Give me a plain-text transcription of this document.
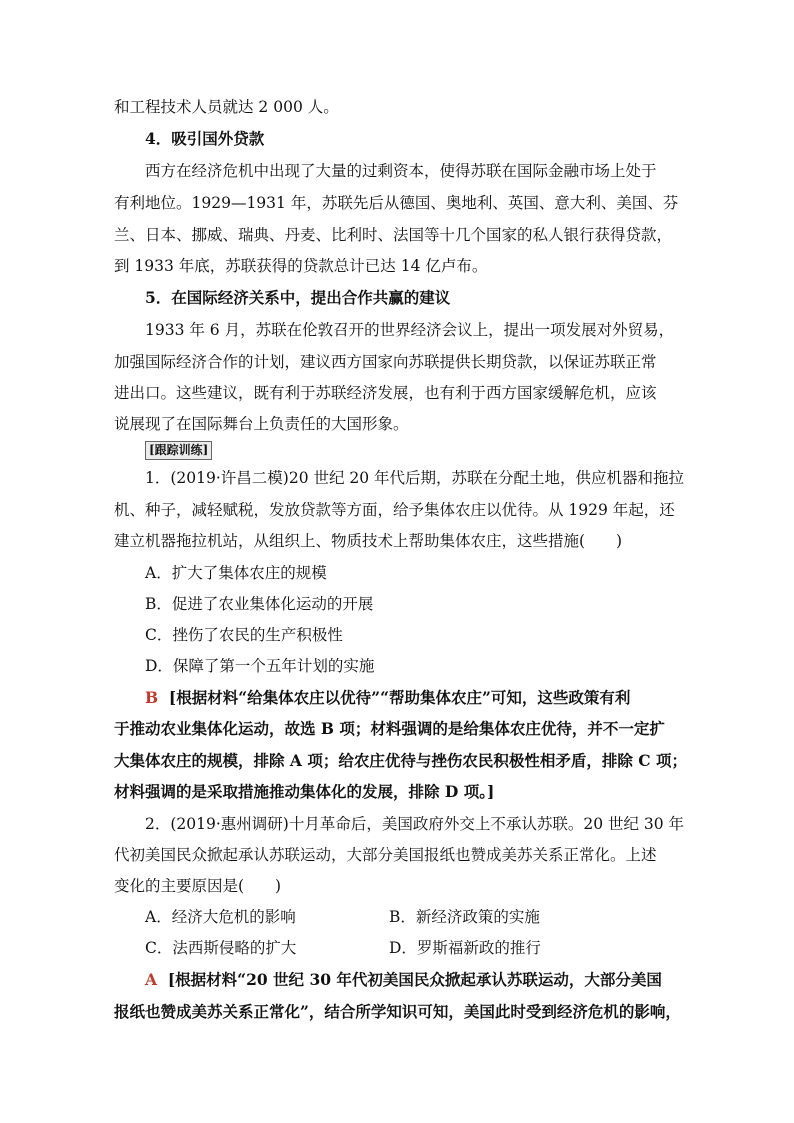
和工程技术人员就达 2 000 人。
4．吸引国外贷款
西方在经济危机中出现了大量的过剩资本，使得苏联在国际金融市场上处于
有利地位。1929—1931 年，苏联先后从德国、奥地利、英国、意大利、美国、芬
兰、日本、挪威、瑞典、丹麦、比利时、法国等十几个国家的私人银行获得贷款，
到 1933 年底，苏联获得的贷款总计已达 14 亿卢布。
5．在国际经济关系中，提出合作共赢的建议
1933 年 6 月，苏联在伦敦召开的世界经济会议上，提出一项发展对外贸易，
加强国际经济合作的计划，建议西方国家向苏联提供长期贷款，以保证苏联正常
进出口。这些建议，既有利于苏联经济发展，也有利于西方国家缓解危机，应该
说展现了在国际舞台上负责任的大国形象。
[跟踪训练]
1．(2019·许昌二模)20 世纪 20 年代后期，苏联在分配土地，供应机器和拖拉
机、种子，减轻赋税，发放贷款等方面，给予集体农庄以优待。从 1929 年起，还
建立机器拖拉机站，从组织上、物质技术上帮助集体农庄，这些措施(　　)
A．扩大了集体农庄的规模
B．促进了农业集体化运动的开展
C．挫伤了农民的生产积极性
D．保障了第一个五年计划的实施
B [根据材料“给集体农庄以优待”“帮助集体农庄”可知，这些政策有利
于推动农业集体化运动，故选 B 项；材料强调的是给集体农庄优待，并不一定扩
大集体农庄的规模，排除 A 项；给农庄优待与挫伤农民积极性相矛盾，排除 C 项；
材料强调的是采取措施推动集体化的发展，排除 D 项。]
2．(2019·惠州调研)十月革命后，美国政府外交上不承认苏联。20 世纪 30 年
代初美国民众掀起承认苏联运动，大部分美国报纸也赞成美苏关系正常化。上述
变化的主要原因是(　　)
A．经济大危机的影响	B．新经济政策的实施
C．法西斯侵略的扩大	D．罗斯福新政的推行
A [根据材料“20 世纪 30 年代初美国民众掀起承认苏联运动，大部分美国
报纸也赞成美苏关系正常化”，结合所学知识可知，美国此时受到经济危机的影响，
